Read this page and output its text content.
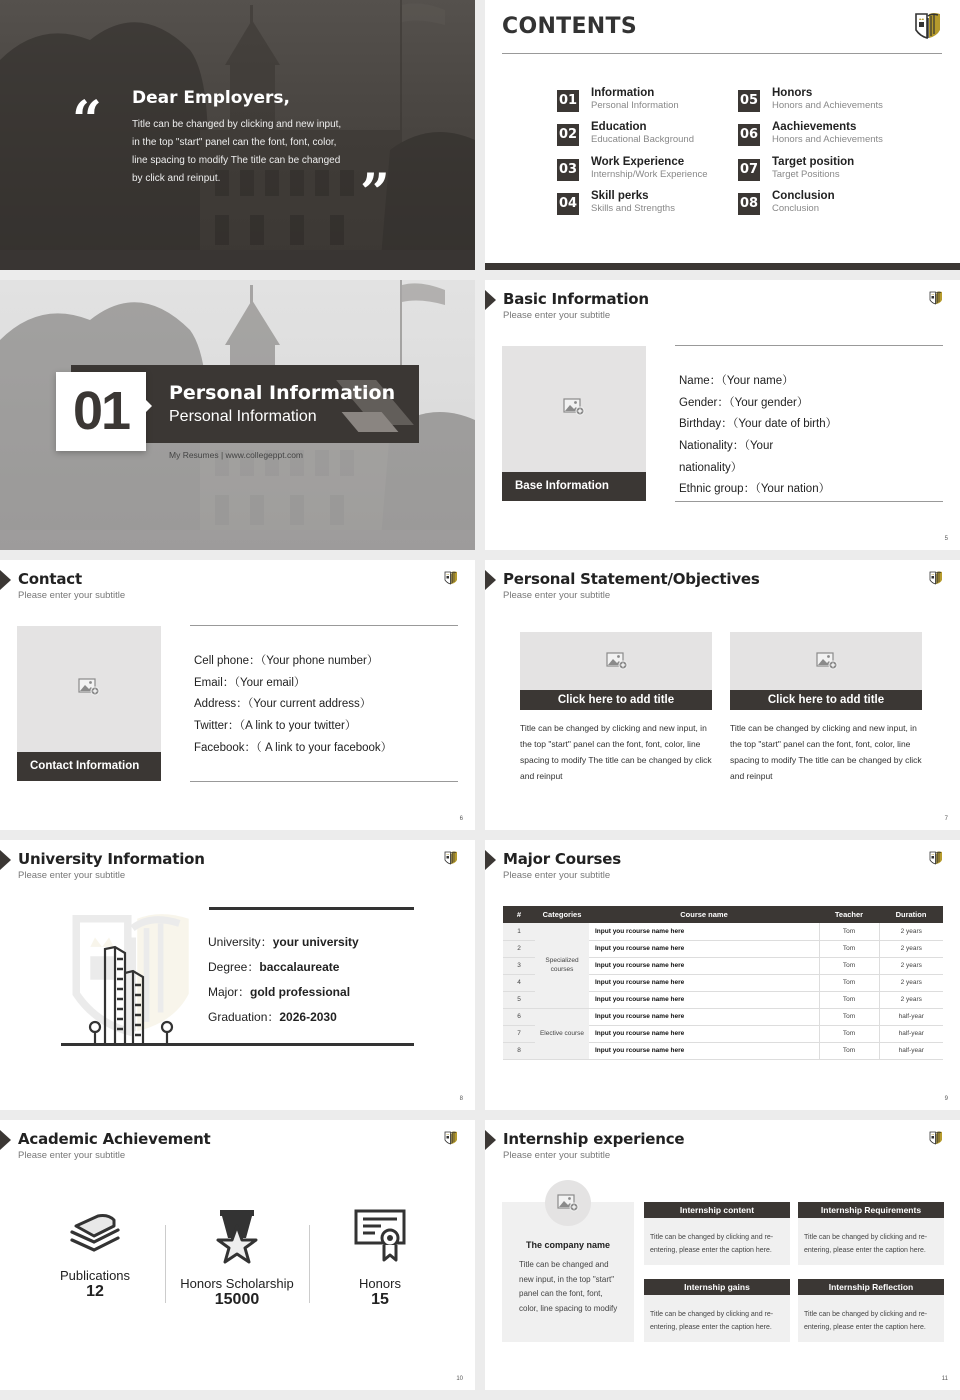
“ Dear Employers,
Title can be changed by clicking and new input, in the top "start" panel can the font, font, color, line spacing to modify The title can be changed by click and reinput.	”
CONTENTS
01 Information
Personal Information
02 Education
Educational Background
03 Work Experience
Internship/Work Experience
04 Skill perks
Skills and Strengths
05 Honors
Honors and Achievements
06 Aachievements
Honors and Achievements
07 Target position
Target Positions
08 Conclusion
Conclusion
01	Personal Information
Personal Information
My Resumes | www.collegeppt.com
Basic Information
Please enter your subtitle
Base Information
Name：（Your name）
Gender：（Your gender）
Birthday：（Your date of birth）
Nationality：（Your
nationality）
Ethnic group：（Your nation）
5
Contact
Please enter your subtitle
Contact Information
Cell phone：（Your phone number）
Email：（Your email）
Address：（Your current address）
Twitter：（A link to your twitter）
Facebook：（ A link to your facebook）
6
Personal Statement/Objectives
Please enter your subtitle
Click here to add title
Title can be changed by clicking and new input, in the top "start" panel can the font, font, color, line spacing to modify The title can be changed by click and reinput
Click here to add title
Title can be changed by clicking and new input, in the top "start" panel can the font, font, color, line spacing to modify The title can be changed by click and reinput
7
University Information
Please enter your subtitle
University：your university
Degree：baccalaureate
Major：gold professional
Graduation：2026-2030
8
Major Courses
Please enter your subtitle
#	Categories	Course name	Teacher	Duration
1	Specialized courses	Input you rcourse name here	Tom	2 years
2		Input you rcourse name here	Tom	2 years
3		Input you rcourse name here	Tom	2 years
4		Input you rcourse name here	Tom	2 years
5		Input you rcourse name here	Tom	2 years
6	Elective course	Input you rcourse name here	Tom	half-year
7		Input you rcourse name here	Tom	half-year
8		Input you rcourse name here	Tom	half-year
9
Academic Achievement
Please enter your subtitle
Publications
12	Honors Scholarship
15000
Honors
15
10
Internship experience
Please enter your subtitle
The company name
Title can be changed and new input, in the top "start" panel can the font, font, color, line spacing to modify
Internship content
Title can be changed by clicking and re-entering, please enter the caption here.
Internship Requirements
Title can be changed by clicking and re-entering, please enter the caption here.
Internship gains
Title can be changed by clicking and re-entering, please enter the caption here.
Internship Reflection
Title can be changed by clicking and re-entering, please enter the caption here.
11
